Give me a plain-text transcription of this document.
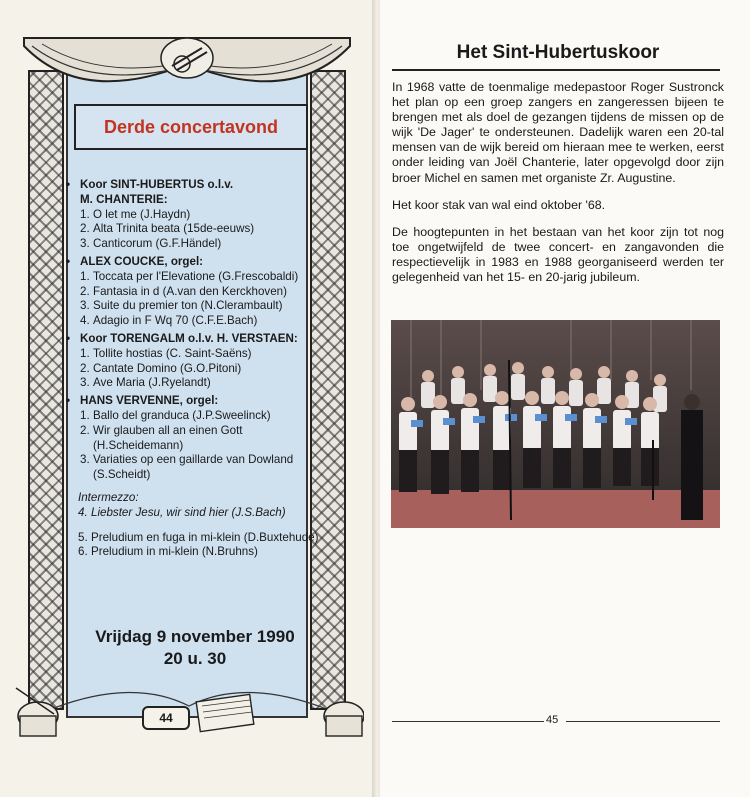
Derde concertavond
• Koor SINT-HUBERTUS o.l.v.
M. CHANTERIE:
1. O let me (J.Haydn)
2. Alta Trinita beata (15de-eeuws)
3. Canticorum (G.F.Händel)
• ALEX COUCKE, orgel:
1. Toccata per l'Elevatione (G.Frescobaldi)
2. Fantasia in d (A.van den Kerckhoven)
3. Suite du premier ton (N.Clerambault)
4. Adagio in F Wq 70 (C.F.E.Bach)
• Koor TORENGALM o.l.v. H. VERSTAEN:
1. Tollite hostias (C. Saint-Saëns)
2. Cantate Domino (G.O.Pitoni)
3. Ave Maria (J.Ryelandt)
• HANS VERVENNE, orgel:
1. Ballo del granduca (J.P.Sweelinck)
2. Wir glauben all an einen Gott (H.Scheidemann)
3. Variaties op een gaillarde van Dowland (S.Scheidt)
Intermezzo:
4. Liebster Jesu, wir sind hier (J.S.Bach)
5. Preludium en fuga in mi-klein (D.Buxtehude)
6. Preludium in mi-klein (N.Bruhns)
Vrijdag 9 november 1990
20 u. 30
44
Het Sint-Hubertuskoor

In 1968 vatte de toenmalige medepastoor Roger Sustronck het plan op een groep zangers en zangeressen bijeen te brengen met als doel de gezangen tijdens de missen op de wijk 'De Jager' te ondersteunen. Dadelijk waren een 20-tal mensen van de wijk bereid om hieraan mee te werken, eerst onder leiding van Joël Chanterie, later opgevolgd door zijn broer Michel en samen met organiste Zr. Augustine.

Het koor stak van wal eind oktober '68.

De hoogtepunten in het bestaan van het koor zijn tot nog toe ongetwijfeld de twee concert- en zangavonden die respectievelijk in 1983 en 1988 georganiseerd werden ter gelegenheid van het 15- en 20-jarig jubileum.

45
